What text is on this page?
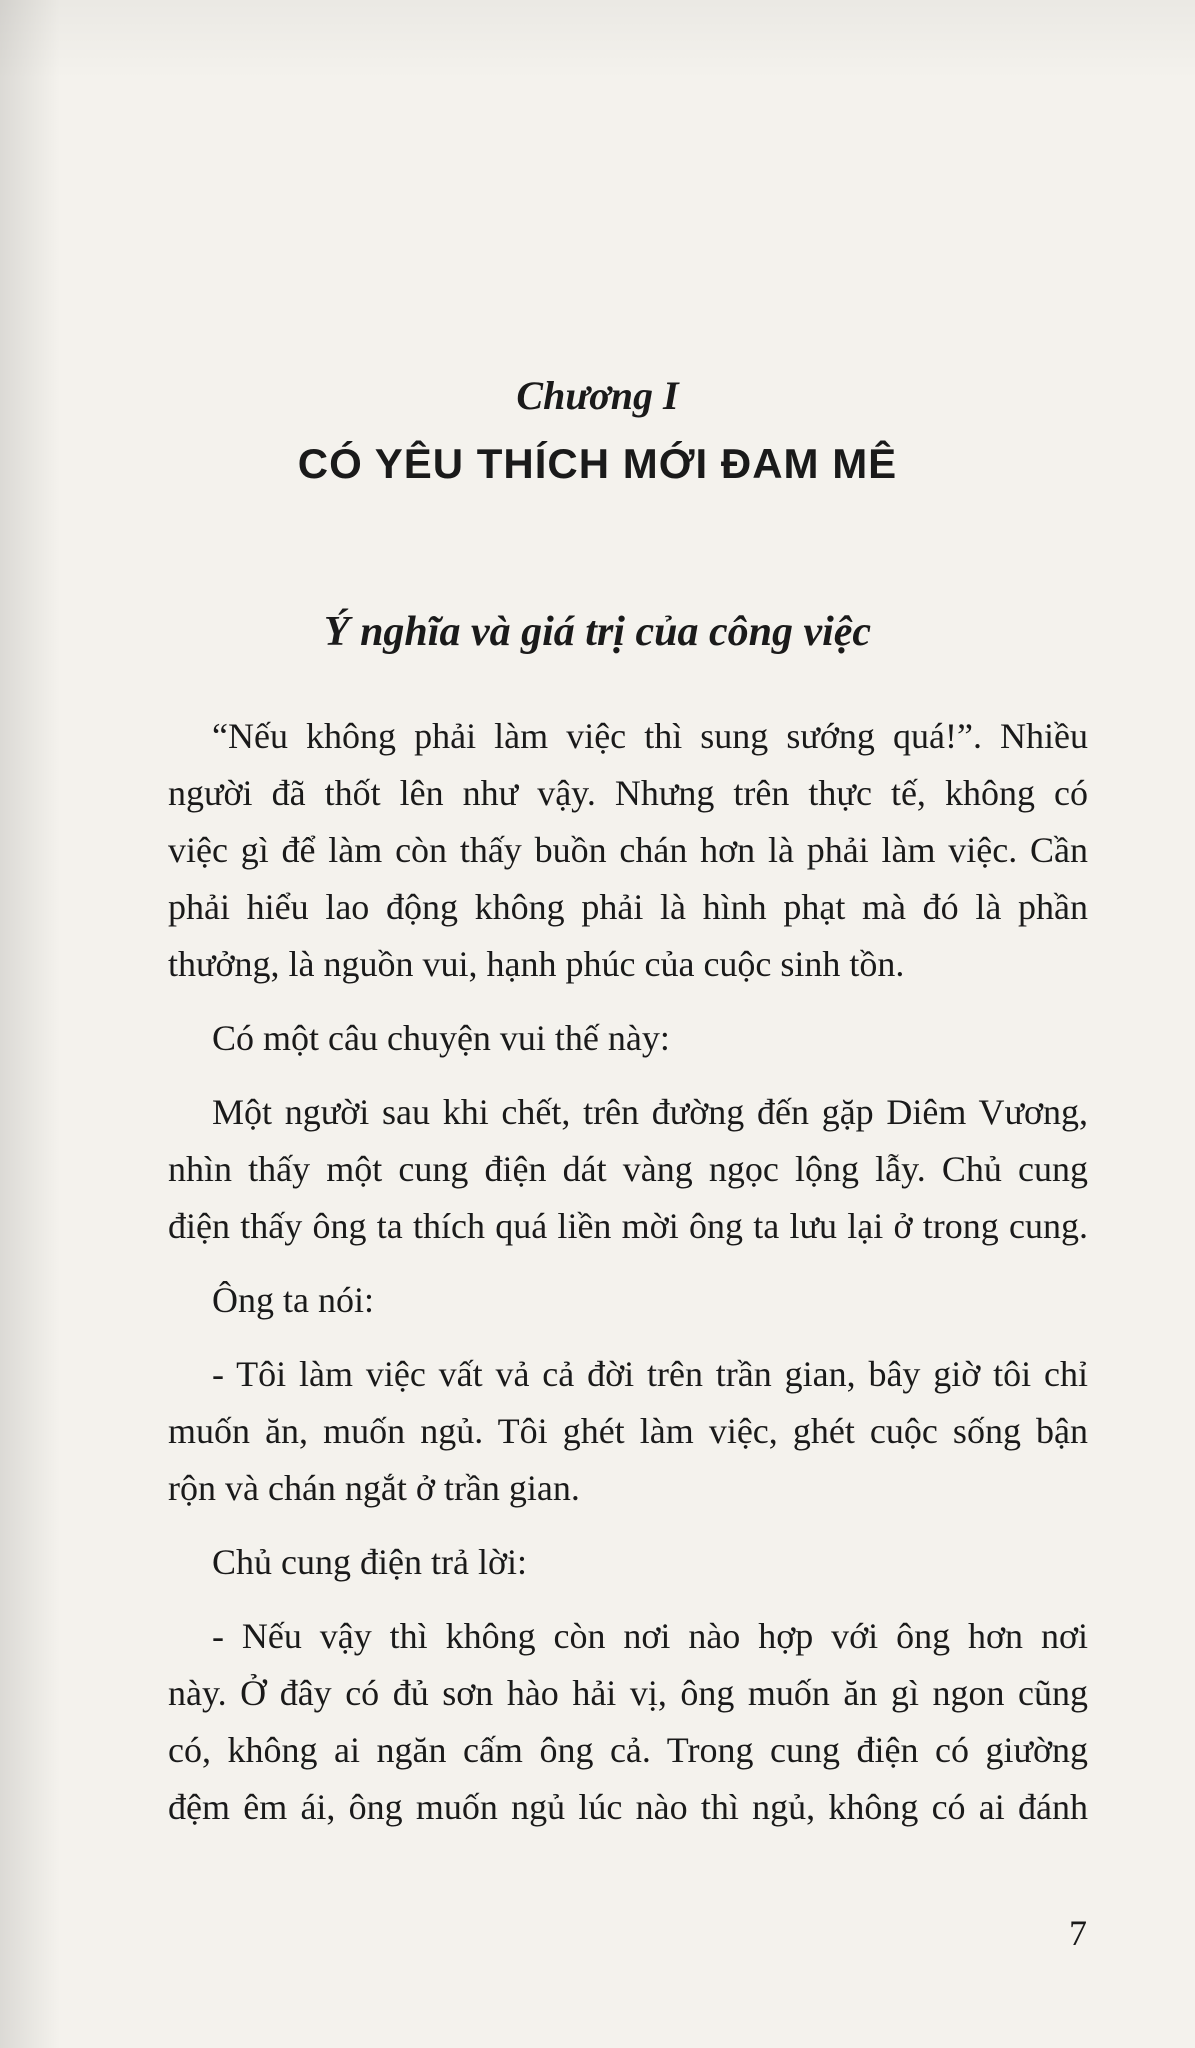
Chương I
CÓ YÊU THÍCH MỚI ĐAM MÊ
Ý nghĩa và giá trị của công việc

“Nếu không phải làm việc thì sung sướng quá!”. Nhiều
người đã thốt lên như vậy. Nhưng trên thực tế, không có
việc gì để làm còn thấy buồn chán hơn là phải làm việc. Cần
phải hiểu lao động không phải là hình phạt mà đó là phần
thưởng, là nguồn vui, hạnh phúc của cuộc sinh tồn.

Có một câu chuyện vui thế này:

Một người sau khi chết, trên đường đến gặp Diêm Vương,
nhìn thấy một cung điện dát vàng ngọc lộng lẫy. Chủ cung
điện thấy ông ta thích quá liền mời ông ta lưu lại ở trong cung.

Ông ta nói:

- Tôi làm việc vất vả cả đời trên trần gian, bây giờ tôi chỉ
muốn ăn, muốn ngủ. Tôi ghét làm việc, ghét cuộc sống bận
rộn và chán ngắt ở trần gian.

Chủ cung điện trả lời:

- Nếu vậy thì không còn nơi nào hợp với ông hơn nơi
này. Ở đây có đủ sơn hào hải vị, ông muốn ăn gì ngon cũng
có, không ai ngăn cấm ông cả. Trong cung điện có giường
đệm êm ái, ông muốn ngủ lúc nào thì ngủ, không có ai đánh

7
